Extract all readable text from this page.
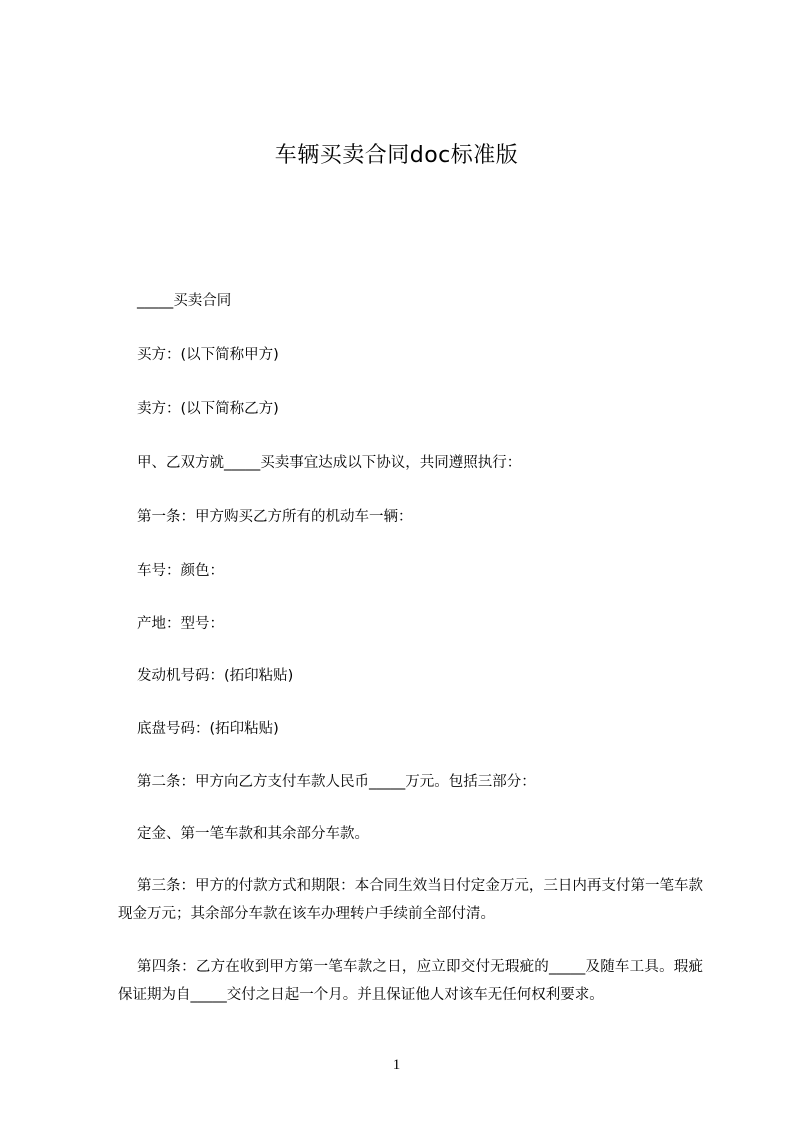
车辆买卖合同doc标准版
_____买卖合同
买方：(以下简称甲方)
卖方：(以下简称乙方)
甲、乙双方就_____买卖事宜达成以下协议，共同遵照执行：
第一条：甲方购买乙方所有的机动车一辆：
车号：颜色：
产地：型号：
发动机号码：(拓印粘贴)
底盘号码：(拓印粘贴)
第二条：甲方向乙方支付车款人民币_____万元。包括三部分：
定金、第一笔车款和其余部分车款。
第三条：甲方的付款方式和期限：本合同生效当日付定金万元，三日内再支付第一笔车款现金万元；其余部分车款在该车办理转户手续前全部付清。
第四条：乙方在收到甲方第一笔车款之日，应立即交付无瑕疵的_____及随车工具。瑕疵保证期为自_____交付之日起一个月。并且保证他人对该车无任何权利要求。
1
